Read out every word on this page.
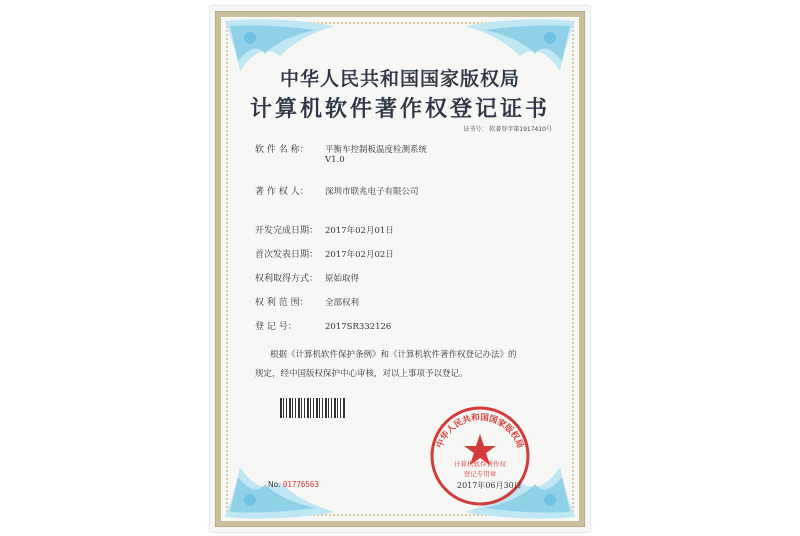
中华人民共和国国家版权局
计算机软件著作权登记证书
证书号： 软著登字第1917410号
软 件 名 称： 平衡车控制板温度检测系统
V1.0
著 作 权 人： 深圳市联兆电子有限公司
开发完成日期： 2017年02月01日
首次发表日期： 2017年02月02日
权利取得方式： 原始取得
权 利 范 围： 全部权利
登 记 号：	2017SR332126
根据《计算机软件保护条例》和《计算机软件著作权登记办法》的
规定，经中国版权保护中心审核，对以上事项予以登记。
中华人民共和国国家版权局
计算机软件著作权
登记专用章
No. 01776563	2017年06月30日
